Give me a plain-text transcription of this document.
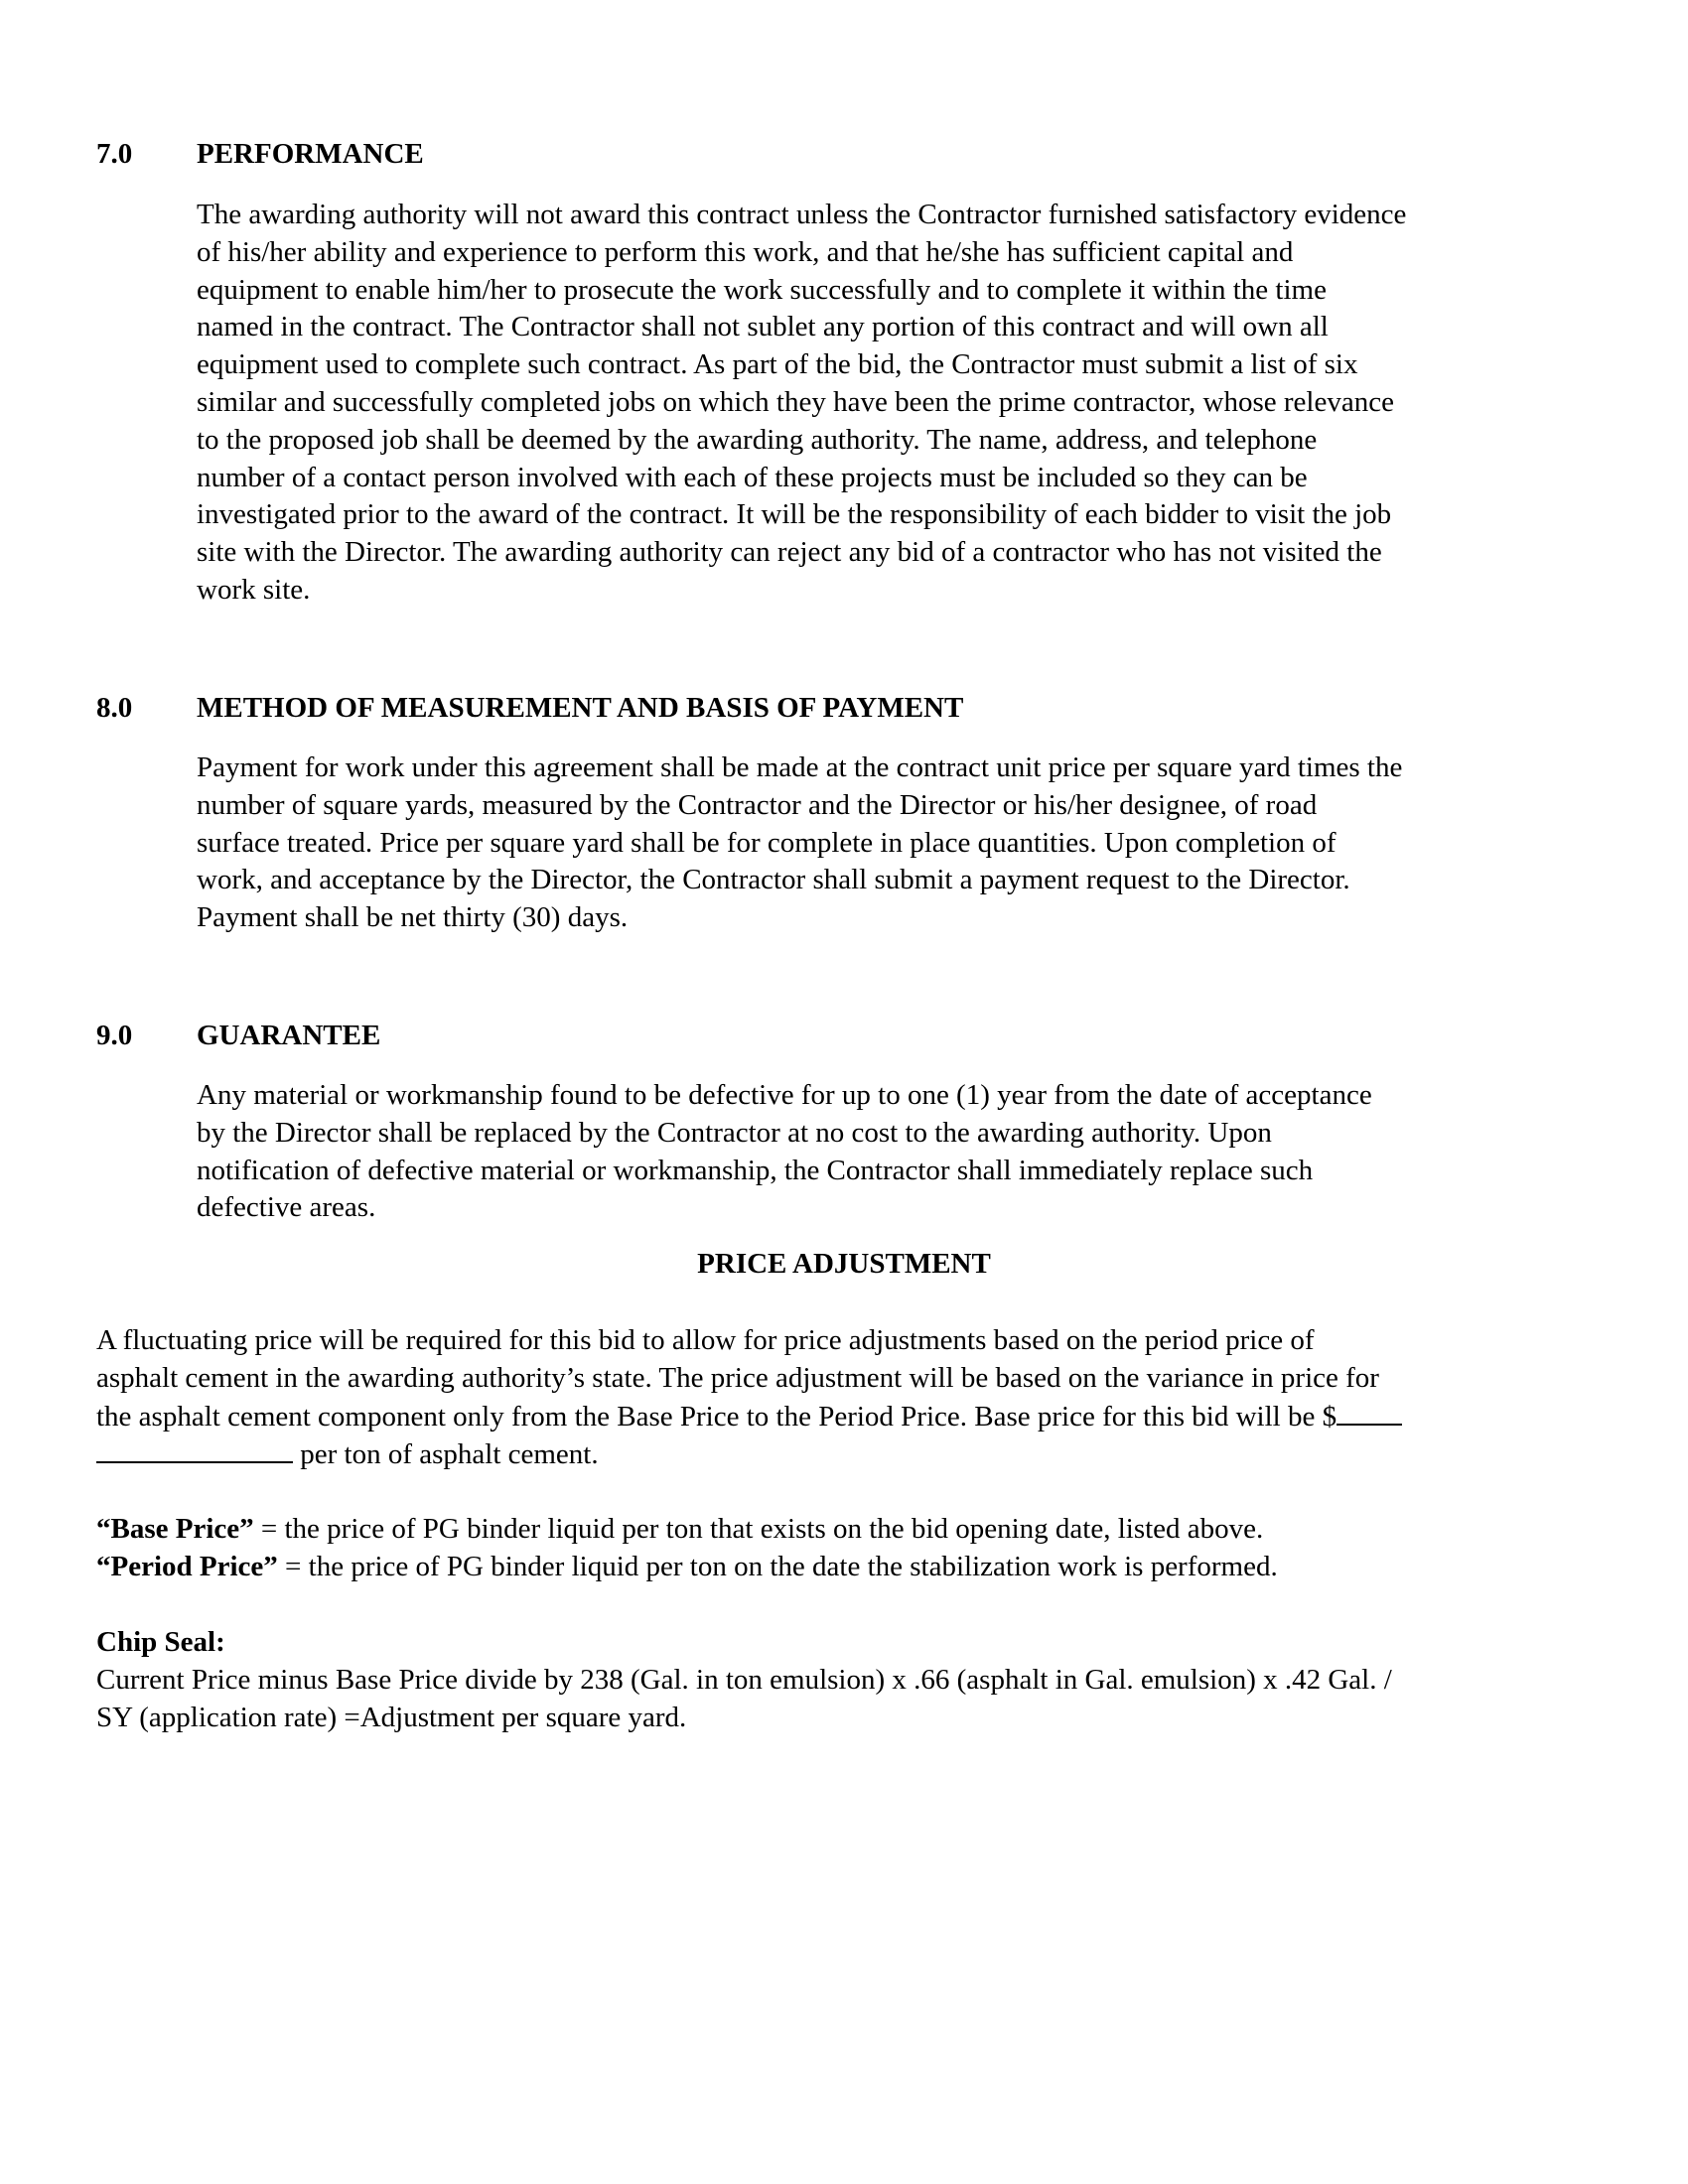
7.0 PERFORMANCE
The awarding authority will not award this contract unless the Contractor furnished satisfactory evidence
of his/her ability and experience to perform this work, and that he/she has sufficient capital and
equipment to enable him/her to prosecute the work successfully and to complete it within the time
named in the contract. The Contractor shall not sublet any portion of this contract and will own all
equipment used to complete such contract. As part of the bid, the Contractor must submit a list of six
similar and successfully completed jobs on which they have been the prime contractor, whose relevance
to the proposed job shall be deemed by the awarding authority. The name, address, and telephone
number of a contact person involved with each of these projects must be included so they can be
investigated prior to the award of the contract. It will be the responsibility of each bidder to visit the job
site with the Director. The awarding authority can reject any bid of a contractor who has not visited the
work site.
8.0 METHOD OF MEASUREMENT AND BASIS OF PAYMENT
Payment for work under this agreement shall be made at the contract unit price per square yard times the
number of square yards, measured by the Contractor and the Director or his/her designee, of road
surface treated. Price per square yard shall be for complete in place quantities. Upon completion of
work, and acceptance by the Director, the Contractor shall submit a payment request to the Director.
Payment shall be net thirty (30) days.
9.0 GUARANTEE
Any material or workmanship found to be defective for up to one (1) year from the date of acceptance
by the Director shall be replaced by the Contractor at no cost to the awarding authority. Upon
notification of defective material or workmanship, the Contractor shall immediately replace such
defective areas.
PRICE ADJUSTMENT
A fluctuating price will be required for this bid to allow for price adjustments based on the period price of
asphalt cement in the awarding authority’s state. The price adjustment will be based on the variance in price for
the asphalt cement component only from the Base Price to the Period Price. Base price for this bid will be $
per ton of asphalt cement.
“Base Price” = the price of PG binder liquid per ton that exists on the bid opening date, listed above.
“Period Price” = the price of PG binder liquid per ton on the date the stabilization work is performed.
Chip Seal:
Current Price minus Base Price divide by 238 (Gal. in ton emulsion) x .66 (asphalt in Gal. emulsion) x .42 Gal. /
SY (application rate) =Adjustment per square yard.
